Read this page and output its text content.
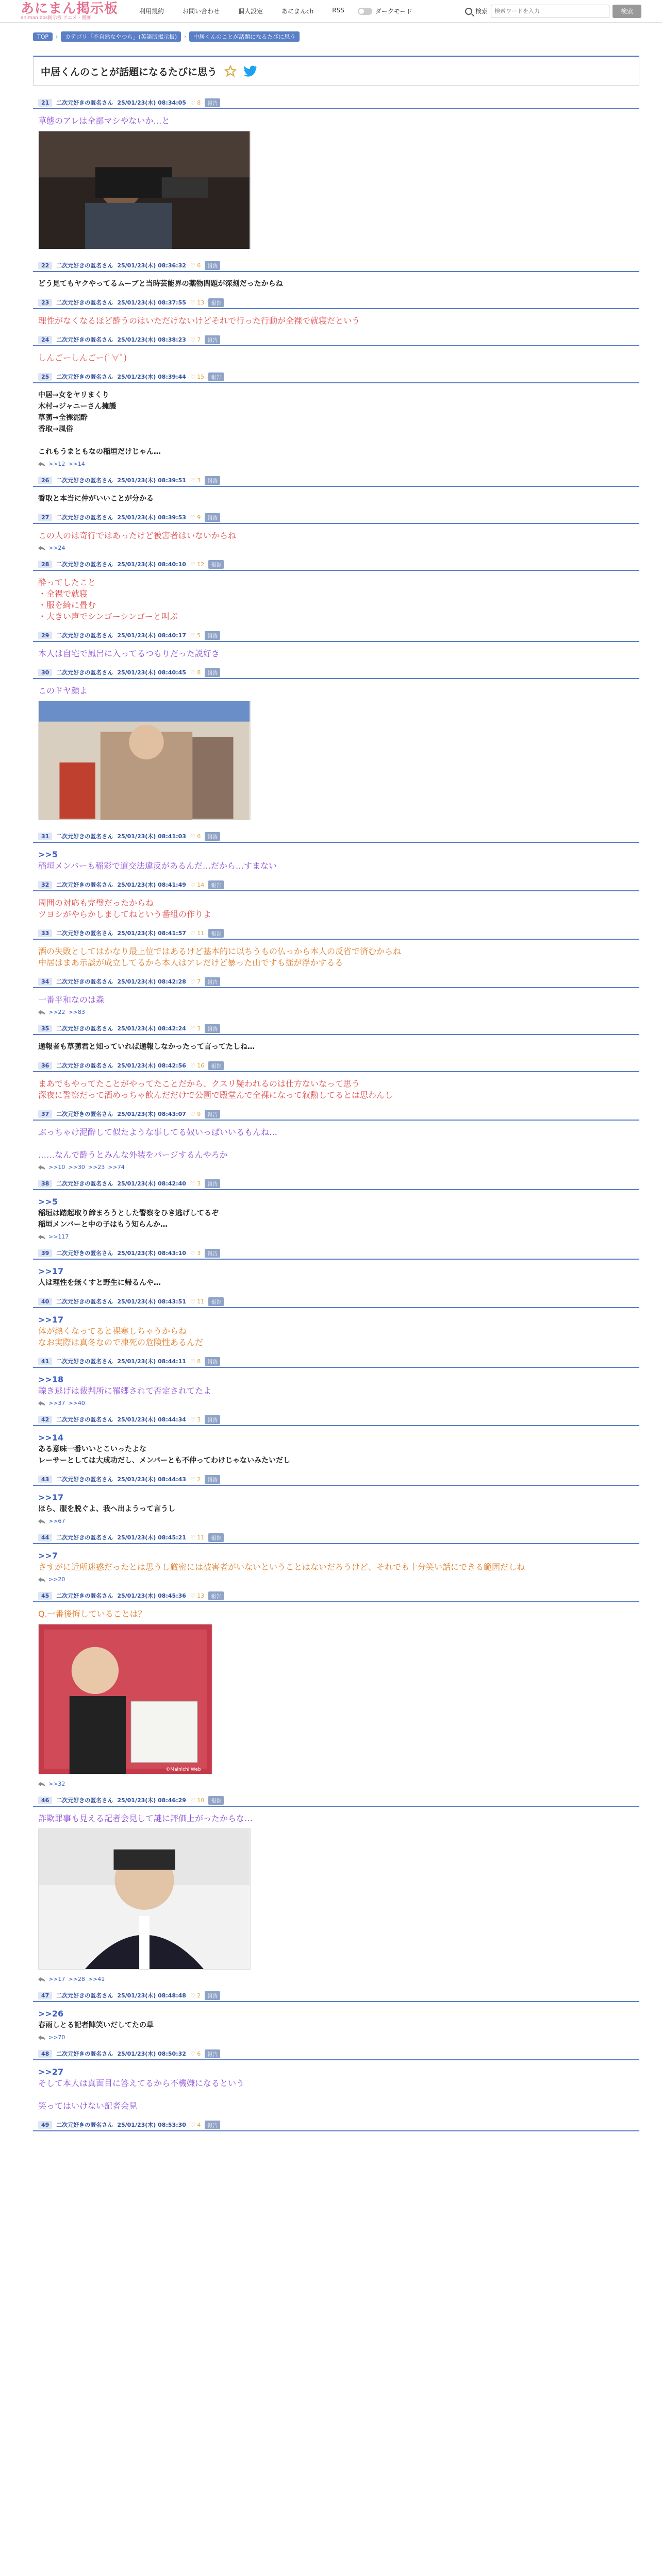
あにまん掲示板
animan bbs掲示板 アニメ・漫画
利用規約	お問い合わせ	個人設定	あにまんch	RSS	ダークモード	検索
検索ワードを入力	検索
TOP	›	カテゴリ「不自然なやつら」(英語版掲示板)	›	中居くんのことが話題になるたびに思う
中居くんのことが話題になるたびに思う
21	二次元好きの匿名さん 25/01/23(木) 08:34:05 ♡ 8	報告
草態のアレは全部マシやないか…と
22	二次元好きの匿名さん 25/01/23(木) 08:36:32 ♡ 6	報告
どう見てもヤクやってるムーブと当時芸能界の薬物問題が深刻だったからね
23	二次元好きの匿名さん 25/01/23(木) 08:37:55 ♡ 13	報告
理性がなくなるほど酔うのはいただけないけどそれで行った行動が全裸で就寝だという
24	二次元好きの匿名さん 25/01/23(木) 08:38:23 ♡ 7	報告
しんごーしんごー(ﾟ∀ﾟ)
25	二次元好きの匿名さん 25/01/23(木) 08:39:44 ♡ 15	報告
中居→女をヤリまくり
木村→ジャニーさん擁護
草彅→全裸泥酔
香取→風俗

これもうまともなの稲垣だけじゃん…
>>12 >>14
26	二次元好きの匿名さん 25/01/23(木) 08:39:51 ♡ 3	報告
香取と本当に仲がいいことが分かる
27	二次元好きの匿名さん 25/01/23(木) 08:39:53 ♡ 9	報告
この人のは奇行ではあったけど被害者はいないからね
>>24
28	二次元好きの匿名さん 25/01/23(木) 08:40:10 ♡ 12	報告
酔ってしたこと
・全裸で就寝
・服を綺に畳む
・大きい声でシンゴーシンゴーと叫ぶ
29	二次元好きの匿名さん 25/01/23(木) 08:40:17 ♡ 5	報告
本人は自宅で風呂に入ってるつもりだった説好き
30	二次元好きの匿名さん 25/01/23(木) 08:40:45 ♡ 8	報告
このドヤ顔よ
31	二次元好きの匿名さん 25/01/23(木) 08:41:03 ♡ 6	報告
>>5
稲垣メンバーも稲彩で道交法違反があるんだ…だから…すまない
32	二次元好きの匿名さん 25/01/23(木) 08:41:49 ♡ 14	報告
周囲の対応も完璧だったからね
ツヨシがやらかしましてねという番組の作りよ
33	二次元好きの匿名さん 25/01/23(木) 08:41:57 ♡ 11	報告
酒の失敗としてはかなり最上位ではあるけど基本的に以ちうもの仏っから本人の反省で済むからね
中居はまあ示談が成立してるから本人はアレだけど暴った山ですも揺が浮かするる
34	二次元好きの匿名さん 25/01/23(木) 08:42:28 ♡ 7	報告
一番平和なのは森
>>22 >>83
35	二次元好きの匿名さん 25/01/23(木) 08:42:24 ♡ 3	報告
通報者も草彅君と知っていれば通報しなかったって言ってたしね…
36	二次元好きの匿名さん 25/01/23(木) 08:42:56 ♡ 16	報告
まあでもやってたことがやってたことだから、クスリ疑われるのは仕方ないなって思う
深夜に警察だって酒めっちゃ飲んだだけで公園で殿堂んで全裸になって叙勲してるとは思わんし
37	二次元好きの匿名さん 25/01/23(木) 08:43:07 ♡ 9	報告
ぶっちゃけ泥酔して似たような事してる奴いっぱいいるもんね…

……なんで酔うとみんな外装をパージするんやろか
>>10 >>30 >>23 >>74
38	二次元好きの匿名さん 25/01/23(木) 08:42:40 ♡ 3	報告
>>5
稲垣は踏起取り締まろうとした警察をひき逃げしてるぞ
稲垣メンバーと中の子はもう知らんか…
>>117
39	二次元好きの匿名さん 25/01/23(木) 08:43:10 ♡ 3	報告
>>17
人は理性を無くすと野生に帰るんや…
40	二次元好きの匿名さん 25/01/23(木) 08:43:51 ♡ 11	報告
>>17
体が熱くなってると裸寒しちゃうからね
なお実際は真冬なので凍死の危険性あるんだ
41	二次元好きの匿名さん 25/01/23(木) 08:44:11 ♡ 8	報告
>>18
轢き逃げは裁判所に罹郷されて否定されてたよ
>>37 >>40
42	二次元好きの匿名さん 25/01/23(木) 08:44:34 ♡ 3	報告
>>14
ある意味一番いいとこいったよな
レーサーとしては大成功だし、メンバーとも不仲ってわけじゃないみたいだし
43	二次元好きの匿名さん 25/01/23(木) 08:44:43 ♡ 2	報告
>>17
ほら、服を脱ぐよ、我へ出ようって言うし
>>67
44	二次元好きの匿名さん 25/01/23(木) 08:45:21 ♡ 11	報告
>>7
さすがに近所迷惑だったとは思うし厳密には被害者がいないということはないだろうけど、それでも十分笑い話にできる範囲だしね
>>20
45	二次元好きの匿名さん 25/01/23(木) 08:45:36 ♡ 13	報告
Q.一番後悔していることは？
©Mainichi Web
>>32
46	二次元好きの匿名さん 25/01/23(木) 08:46:29 ♡ 10	報告
詐欺罪事も見える記者会見して謎に評価上がったからな…
>>17 >>28 >>41
47	二次元好きの匿名さん 25/01/23(木) 08:48:48 ♡ 2	報告
>>26
春雨しとる記者陣笑いだしてたの草
>>70
48	二次元好きの匿名さん 25/01/23(木) 08:50:32 ♡ 6	報告
>>27
そして本人は真面目に答えてるから不機嫌になるという

笑ってはいけない記者会見
49	二次元好きの匿名さん 25/01/23(木) 08:53:30 ♡ 4	報告
